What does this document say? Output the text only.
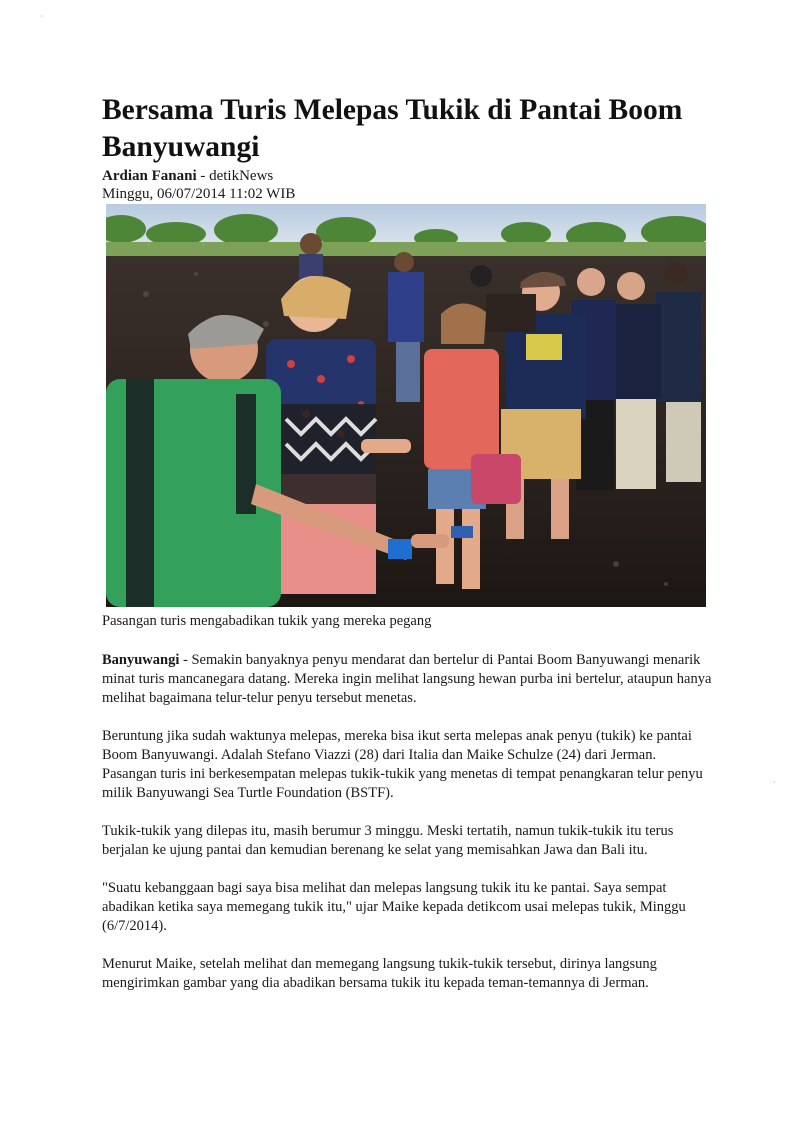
Bersama Turis Melepas Tukik di Pantai Boom Banyuwangi
Ardian Fanani - detikNews
Minggu, 06/07/2014 11:02 WIB
Pasangan turis mengabadikan tukik yang mereka pegang

Banyuwangi - Semakin banyaknya penyu mendarat dan bertelur di Pantai Boom Banyuwangi menarik minat turis mancanegara datang. Mereka ingin melihat langsung hewan purba ini bertelur, ataupun hanya melihat bagaimana telur-telur penyu tersebut menetas.

Beruntung jika sudah waktunya melepas, mereka bisa ikut serta melepas anak penyu (tukik) ke pantai Boom Banyuwangi. Adalah Stefano Viazzi (28) dari Italia dan Maike Schulze (24) dari Jerman. Pasangan turis ini berkesempatan melepas tukik-tukik yang menetas di tempat penangkaran telur penyu milik Banyuwangi Sea Turtle Foundation (BSTF).

Tukik-tukik yang dilepas itu, masih berumur 3 minggu. Meski tertatih, namun tukik-tukik itu terus berjalan ke ujung pantai dan kemudian berenang ke selat yang memisahkan Jawa dan Bali itu.

"Suatu kebanggaan bagi saya bisa melihat dan melepas langsung tukik itu ke pantai. Saya sempat abadikan ketika saya memegang tukik itu," ujar Maike kepada detikcom usai melepas tukik, Minggu (6/7/2014).

Menurut Maike, setelah melihat dan memegang langsung tukik-tukik tersebut, dirinya langsung mengirimkan gambar yang dia abadikan bersama tukik itu kepada teman-temannya di Jerman.

·
·
